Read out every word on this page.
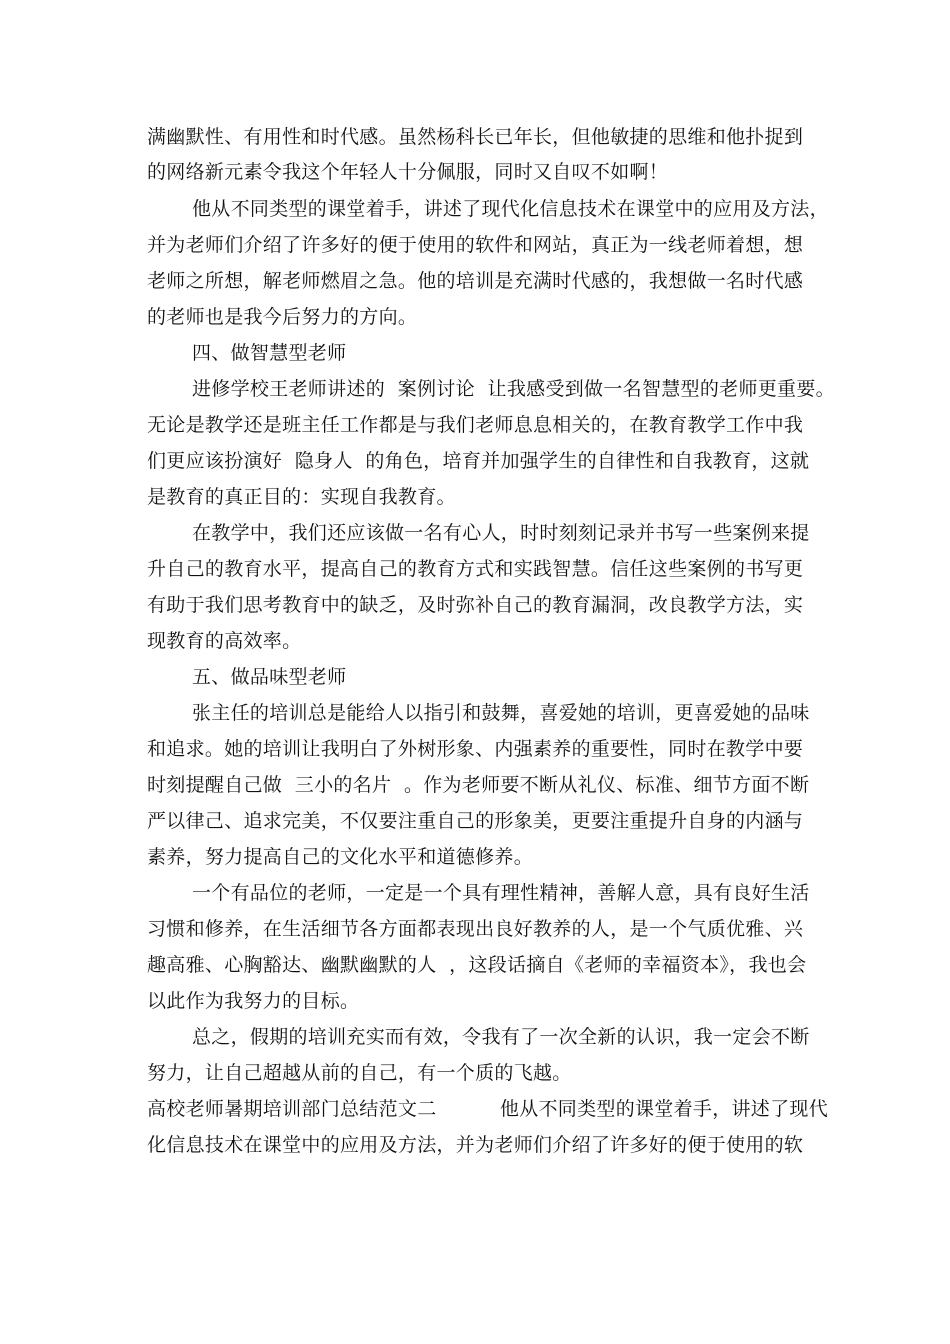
满幽默性、有用性和时代感。虽然杨科长已年长，但他敏捷的思维和他扑捉到
的网络新元素令我这个年轻人十分佩服，同时又自叹不如啊！
他从不同类型的课堂着手，讲述了现代化信息技术在课堂中的应用及方法，
并为老师们介绍了许多好的便于使用的软件和网站，真正为一线老师着想，想
老师之所想，解老师燃眉之急。他的培训是充满时代感的，我想做一名时代感
的老师也是我今后努力的方向。
四、做智慧型老师
进修学校王老师讲述的  案例讨论  让我感受到做一名智慧型的老师更重要。
无论是教学还是班主任工作都是与我们老师息息相关的，在教育教学工作中我
们更应该扮演好  隐身人  的角色，培育并加强学生的自律性和自我教育，这就
是教育的真正目的：实现自我教育。
在教学中，我们还应该做一名有心人，时时刻刻记录并书写一些案例来提
升自己的教育水平，提高自己的教育方式和实践智慧。信任这些案例的书写更
有助于我们思考教育中的缺乏，及时弥补自己的教育漏洞，改良教学方法，实
现教育的高效率。
五、做品味型老师
张主任的培训总是能给人以指引和鼓舞，喜爱她的培训，更喜爱她的品味
和追求。她的培训让我明白了外树形象、内强素养的重要性，同时在教学中要
时刻提醒自己做  三小的名片  。作为老师要不断从礼仪、标准、细节方面不断
严以律己、追求完美，不仅要注重自己的形象美，更要注重提升自身的内涵与
素养，努力提高自己的文化水平和道德修养。
一个有品位的老师，一定是一个具有理性精神，善解人意，具有良好生活
习惯和修养，在生活细节各方面都表现出良好教养的人，是一个气质优雅、兴
趣高雅、心胸豁达、幽默幽默的人  ，这段话摘自《老师的幸福资本》，我也会
以此作为我努力的目标。
总之，假期的培训充实而有效，令我有了一次全新的认识，我一定会不断
努力，让自己超越从前的自己，有一个质的飞越。
高校老师暑期培训部门总结范文二          他从不同类型的课堂着手，讲述了现代
化信息技术在课堂中的应用及方法，并为老师们介绍了许多好的便于使用的软
